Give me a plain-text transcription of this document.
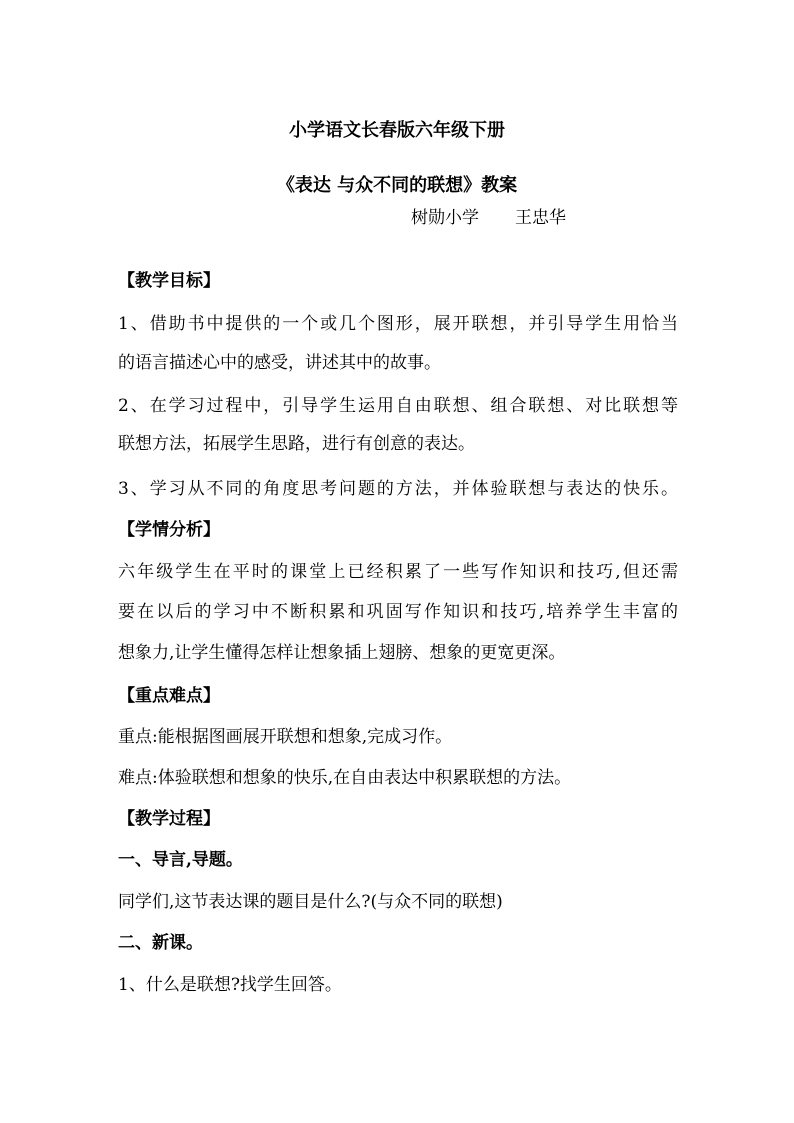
小学语文长春版六年级下册
《表达 与众不同的联想》教案
树勋小学 王忠华
【教学目标】
1、借助书中提供的一个或几个图形，展开联想，并引导学生用恰当
的语言描述心中的感受，讲述其中的故事。
2、在学习过程中，引导学生运用自由联想、组合联想、对比联想等
联想方法，拓展学生思路，进行有创意的表达。
3、学习从不同的角度思考问题的方法，并体验联想与表达的快乐。
【学情分析】
六年级学生在平时的课堂上已经积累了一些写作知识和技巧,但还需
要在以后的学习中不断积累和巩固写作知识和技巧,培养学生丰富的
想象力,让学生懂得怎样让想象插上翅膀、想象的更宽更深。
【重点难点】
重点:能根据图画展开联想和想象,完成习作。
难点:体验联想和想象的快乐,在自由表达中积累联想的方法。
【教学过程】
一、导言,导题。
同学们,这节表达课的题目是什么?(与众不同的联想)
二、新课。
1、什么是联想?找学生回答。
